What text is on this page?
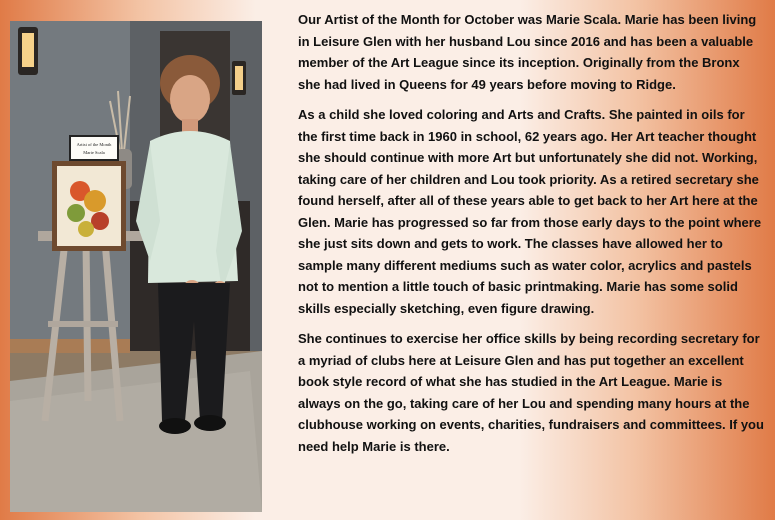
Artist of the Month
Marie Scala

Our Artist of the Month for October was Marie Scala. Marie has been living in Leisure Glen with her husband Lou since 2016 and has been a valuable member of the Art League since its inception. Originally from the Bronx she had lived in Queens for 49 years before moving to Ridge.

As a child she loved coloring and Arts and Crafts. She painted in oils for the first time back in 1960 in school, 62 years ago. Her Art teacher thought she should continue with more Art but unfortunately she did not. Working, taking care of her children and Lou took priority. As a retired secretary she found herself, after all of these years able to get back to her Art here at the Glen. Marie has progressed so far from those early days to the point where she just sits down and gets to work. The classes have allowed her to sample many different mediums such as water color, acrylics and pastels not to mention a little touch of basic printmaking. Marie has some solid skills especially sketching, even figure drawing.

She continues to exercise her office skills by being recording secretary for a myriad of clubs here at Leisure Glen and has put together an excellent book style record of what she has studied in the Art League. Marie is always on the go, taking care of her Lou and spending many hours at the clubhouse working on events, charities, fundraisers and committees. If you need help Marie is there.
